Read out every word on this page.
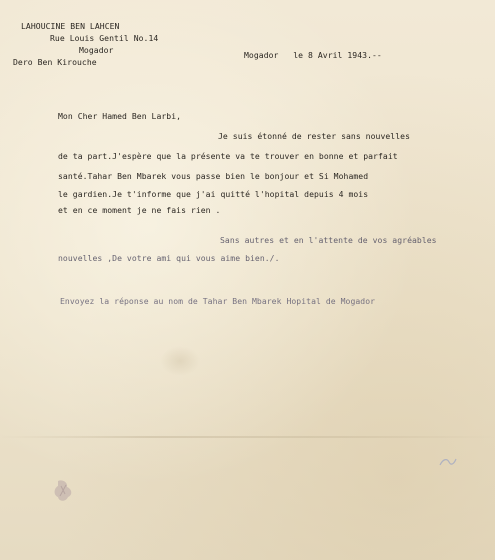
LAHOUCINE BEN LAHCEN
Rue Louis Gentil No.14
Mogador
Dero Ben Kirouche
Mogador   le 8 Avril 1943.--
Mon Cher Hamed Ben Larbi,
Je suis étonné de rester sans nouvelles
de ta part.J'espère que la présente va te trouver en bonne et parfait
santé.Tahar Ben Mbarek vous passe bien le bonjour et Si Mohamed
le gardien.Je t'informe que j'ai quitté l'hopital depuis 4 mois
et en ce moment je ne fais rien .
Sans autres et en l'attente de vos agréables
nouvelles ,De votre ami qui vous aime bien./.
Envoyez la réponse au nom de Tahar Ben Mbarek Hopital de Mogador
